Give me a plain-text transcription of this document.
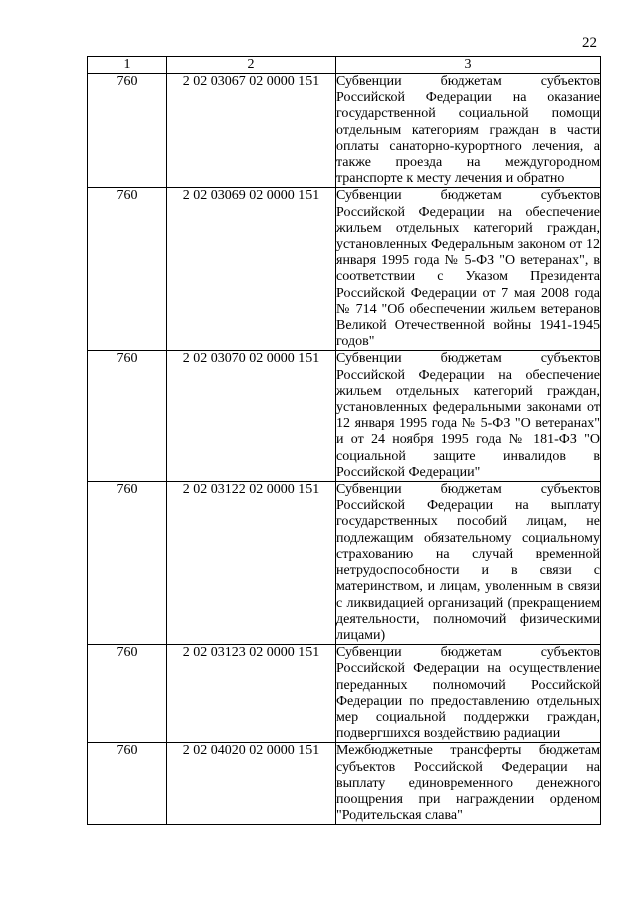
22
1	2	3
760	2 02 03067 02 0000 151	Субвенции бюджетам субъектов Российской Федерации на оказание государственной социальной помощи отдельным категориям граждан в части оплаты санаторно-курортного лечения, а также проезда на междугородном транспорте к месту лечения и обратно

760	2 02 03069 02 0000 151	Субвенции бюджетам субъектов Российской Федерации на обеспечение жильем отдельных категорий граждан, установленных Федеральным законом от 12 января 1995 года № 5-ФЗ "О ветеранах", в соответствии с Указом Президента Российской Федерации от 7 мая 2008 года № 714 "Об обеспечении жильем ветеранов Великой Отечественной войны 1941-1945 годов"

760	2 02 03070 02 0000 151	Субвенции бюджетам субъектов Российской Федерации на обеспечение жильем отдельных категорий граждан, установленных федеральными законами от 12 января 1995 года № 5-ФЗ "О ветеранах" и от 24 ноября 1995 года № 181-ФЗ "О социальной защите инвалидов в Российской Федерации"

760	2 02 03122 02 0000 151	Субвенции бюджетам субъектов Российской Федерации на выплату государственных пособий лицам, не подлежащим обязательному социальному страхованию на случай временной нетрудоспособности и в связи с материнством, и лицам, уволенным в связи с ликвидацией организаций (прекращением деятельности, полномочий физическими лицами)

760	2 02 03123 02 0000 151	Субвенции бюджетам субъектов Российской Федерации на осуществление переданных полномочий Российской Федерации по предоставлению отдельных мер социальной поддержки граждан, подвергшихся воздействию радиации

760	2 02 04020 02 0000 151	Межбюджетные трансферты бюджетам субъектов Российской Федерации на выплату единовременного денежного поощрения при награждении орденом "Родительская слава"
